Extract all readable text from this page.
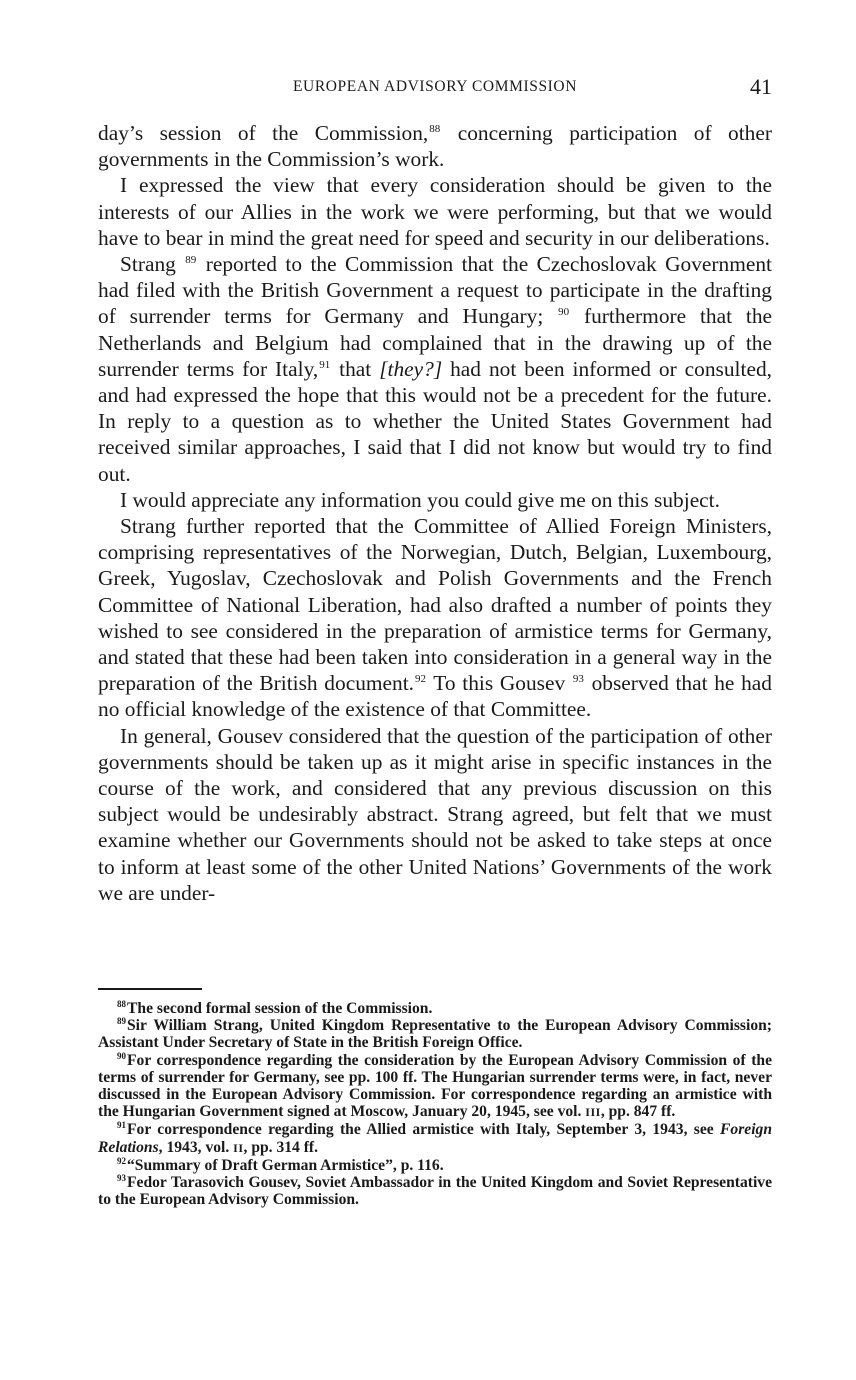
EUROPEAN ADVISORY COMMISSION	41

day’s session of the Commission,$^{88}$ concerning participation of other governments in the Commission’s work.

I expressed the view that every consideration should be given to the interests of our Allies in the work we were performing, but that we would have to bear in mind the great need for speed and security in our deliberations.

Strang $^{89}$ reported to the Commission that the Czechoslovak Government had filed with the British Government a request to participate in the drafting of surrender terms for Germany and Hungary; $^{90}$ furthermore that the Netherlands and Belgium had complained that in the drawing up of the surrender terms for Italy,$^{91}$ that [they?] had not been informed or consulted, and had expressed the hope that this would not be a precedent for the future. In reply to a question as to whether the United States Government had received similar approaches, I said that I did not know but would try to find out.

I would appreciate any information you could give me on this subject.

Strang further reported that the Committee of Allied Foreign Ministers, comprising representatives of the Norwegian, Dutch, Belgian, Luxembourg, Greek, Yugoslav, Czechoslovak and Polish Governments and the French Committee of National Liberation, had also drafted a number of points they wished to see considered in the preparation of armistice terms for Germany, and stated that these had been taken into consideration in a general way in the preparation of the British document.$^{92}$ To this Gousev $^{93}$ observed that he had no official knowledge of the existence of that Committee.

In general, Gousev considered that the question of the participation of other governments should be taken up as it might arise in specific instances in the course of the work, and considered that any previous discussion on this subject would be undesirably abstract. Strang agreed, but felt that we must examine whether our Governments should not be asked to take steps at once to inform at least some of the other United Nations’ Governments of the work we are under-

$^{88}$The second formal session of the Commission.

$^{89}$Sir William Strang, United Kingdom Representative to the European Advisory Commission; Assistant Under Secretary of State in the British Foreign Office.

$^{90}$For correspondence regarding the consideration by the European Advisory Commission of the terms of surrender for Germany, see pp. 100 ff. The Hungarian surrender terms were, in fact, never discussed in the European Advisory Commission. For correspondence regarding an armistice with the Hungarian Government signed at Moscow, January 20, 1945, see vol. III, pp. 847 ff.

$^{91}$For correspondence regarding the Allied armistice with Italy, September 3, 1943, see Foreign Relations, 1943, vol. II, pp. 314 ff.

$^{92}$“Summary of Draft German Armistice”, p. 116.

$^{93}$Fedor Tarasovich Gousev, Soviet Ambassador in the United Kingdom and Soviet Representative to the European Advisory Commission.
